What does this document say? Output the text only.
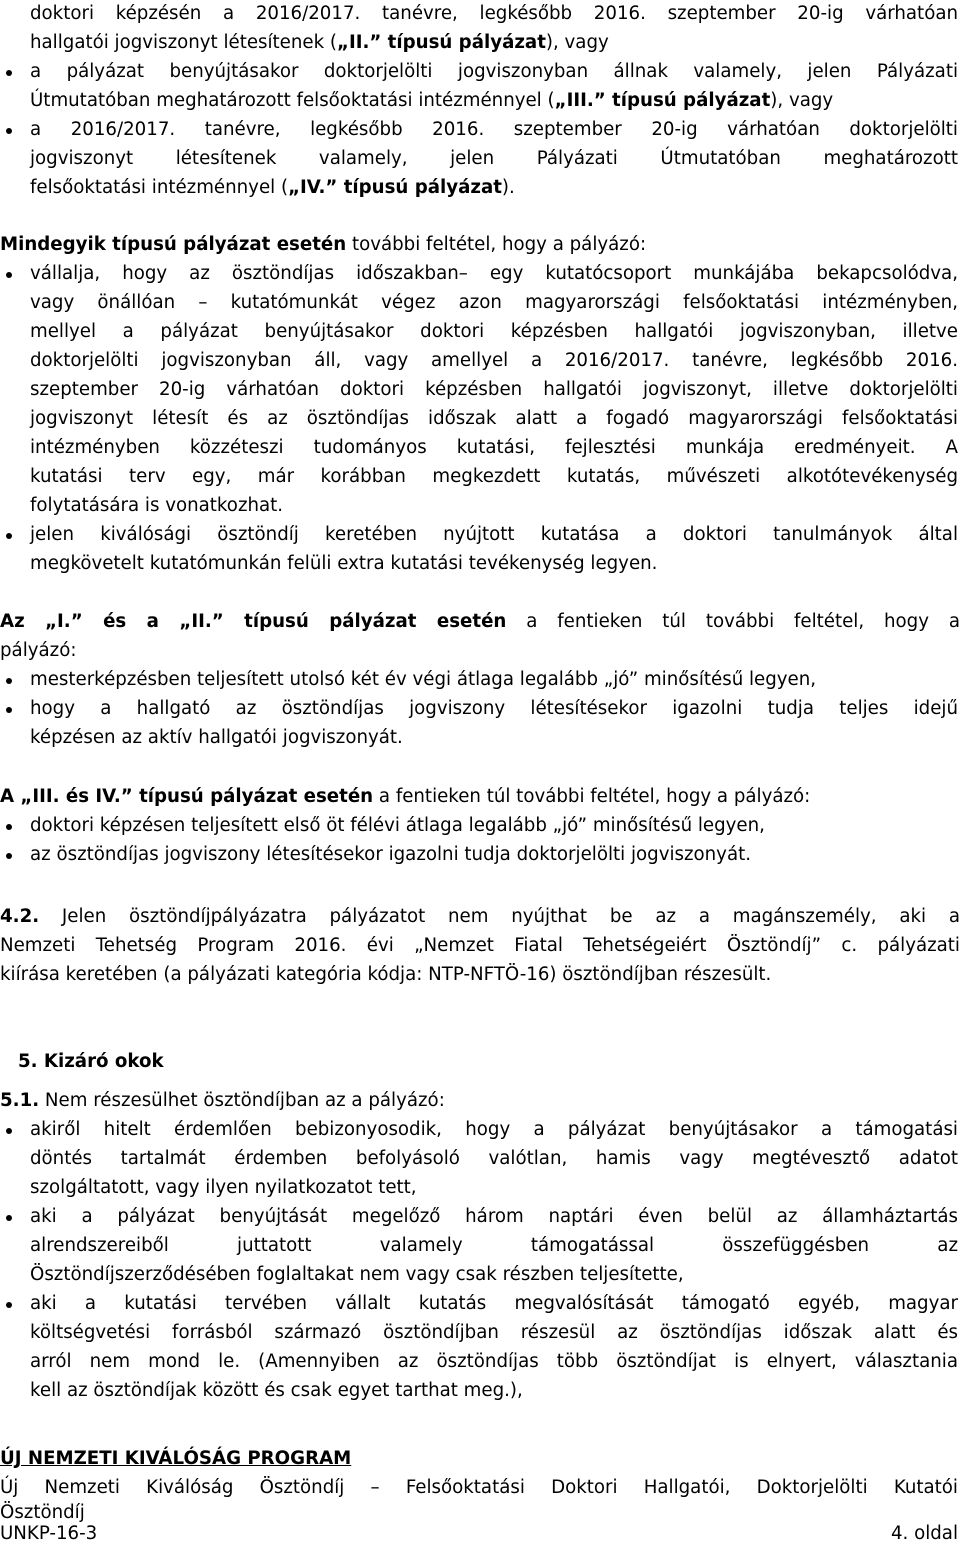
doktori képzésén a 2016/2017. tanévre, legkésőbb 2016. szeptember 20-ig várhatóan
hallgatói jogviszonyt létesítenek („II.” típusú pályázat), vagy
a pályázat benyújtásakor doktorjelölti jogviszonyban állnak valamely, jelen Pályázati
Útmutatóban meghatározott felsőoktatási intézménnyel („III.” típusú pályázat), vagy
a 2016/2017. tanévre, legkésőbb 2016. szeptember 20-ig várhatóan doktorjelölti
jogviszonyt létesítenek valamely, jelen Pályázati Útmutatóban meghatározott
felsőoktatási intézménnyel („IV.” típusú pályázat).
Mindegyik típusú pályázat esetén további feltétel, hogy a pályázó:
vállalja, hogy az ösztöndíjas időszakban– egy kutatócsoport munkájába bekapcsolódva,
vagy önállóan – kutatómunkát végez azon magyarországi felsőoktatási intézményben,
mellyel a pályázat benyújtásakor doktori képzésben hallgatói jogviszonyban, illetve
doktorjelölti jogviszonyban áll, vagy amellyel a 2016/2017. tanévre, legkésőbb 2016.
szeptember 20-ig várhatóan doktori képzésben hallgatói jogviszonyt, illetve doktorjelölti
jogviszonyt létesít és az ösztöndíjas időszak alatt a fogadó magyarországi felsőoktatási
intézményben közzéteszi tudományos kutatási, fejlesztési munkája eredményeit. A
kutatási terv egy, már korábban megkezdett kutatás, művészeti alkotótevékenység
folytatására is vonatkozhat.
jelen kiválósági ösztöndíj keretében nyújtott kutatása a doktori tanulmányok által
megkövetelt kutatómunkán felüli extra kutatási tevékenység legyen.
Az „I.” és a „II.” típusú pályázat esetén a fentieken túl további feltétel, hogy a
pályázó:
mesterképzésben teljesített utolsó két év végi átlaga legalább „jó” minősítésű legyen,
hogy a hallgató az ösztöndíjas jogviszony létesítésekor igazolni tudja teljes idejű
képzésen az aktív hallgatói jogviszonyát.
A „III. és IV.” típusú pályázat esetén a fentieken túl további feltétel, hogy a pályázó:
doktori képzésen teljesített első öt félévi átlaga legalább „jó” minősítésű legyen,
az ösztöndíjas jogviszony létesítésekor igazolni tudja doktorjelölti jogviszonyát.
4.2. Jelen ösztöndíjpályázatra pályázatot nem nyújthat be az a magánszemély, aki a
Nemzeti Tehetség Program 2016. évi „Nemzet Fiatal Tehetségeiért Ösztöndíj” c. pályázati
kiírása keretében (a pályázati kategória kódja: NTP-NFTÖ-16) ösztöndíjban részesült.
5. Kizáró okok
5.1. Nem részesülhet ösztöndíjban az a pályázó:
akiről hitelt érdemlően bebizonyosodik, hogy a pályázat benyújtásakor a támogatási
döntés tartalmát érdemben befolyásoló valótlan, hamis vagy megtévesztő adatot
szolgáltatott, vagy ilyen nyilatkozatot tett,
aki a pályázat benyújtását megelőző három naptári éven belül az államháztartás
alrendszereiből juttatott valamely támogatással összefüggésben az
Ösztöndíjszerződésében foglaltakat nem vagy csak részben teljesítette,
aki a kutatási tervében vállalt kutatás megvalósítását támogató egyéb, magyar
költségvetési forrásból származó ösztöndíjban részesül az ösztöndíjas időszak alatt és
arról nem mond le. (Amennyiben az ösztöndíjas több ösztöndíjat is elnyert, választania
kell az ösztöndíjak között és csak egyet tarthat meg.),
ÚJ NEMZETI KIVÁLÓSÁG PROGRAM
Új Nemzeti Kiválóság Ösztöndíj – Felsőoktatási Doktori Hallgatói, Doktorjelölti Kutatói
Ösztöndíj
UNKP-16-3	4. oldal
